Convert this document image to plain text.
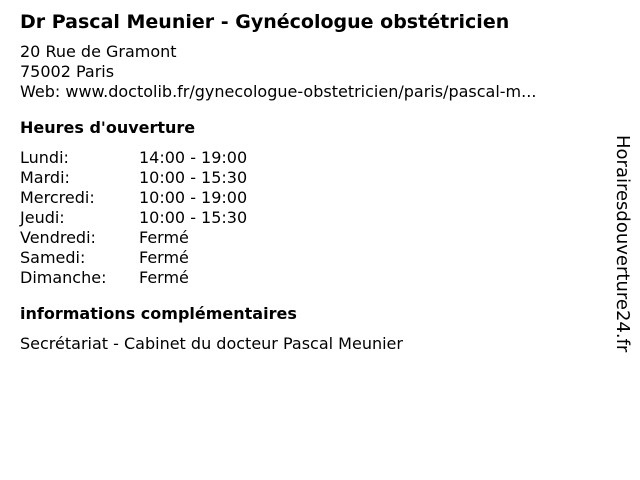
Dr Pascal Meunier - Gynécologue obstétricien
20 Rue de Gramont
75002 Paris
Web: www.doctolib.fr/gynecologue-obstetricien/paris/pascal-m...
Heures d'ouverture
Lundi:	14:00 - 19:00
Mardi:	10:00 - 15:30
Mercredi:	10:00 - 19:00
Jeudi:	10:00 - 15:30
Vendredi:	Fermé
Samedi:	Fermé
Dimanche:	Fermé
informations complémentaires
Secrétariat - Cabinet du docteur Pascal Meunier	Horairesdouverture24.fr
